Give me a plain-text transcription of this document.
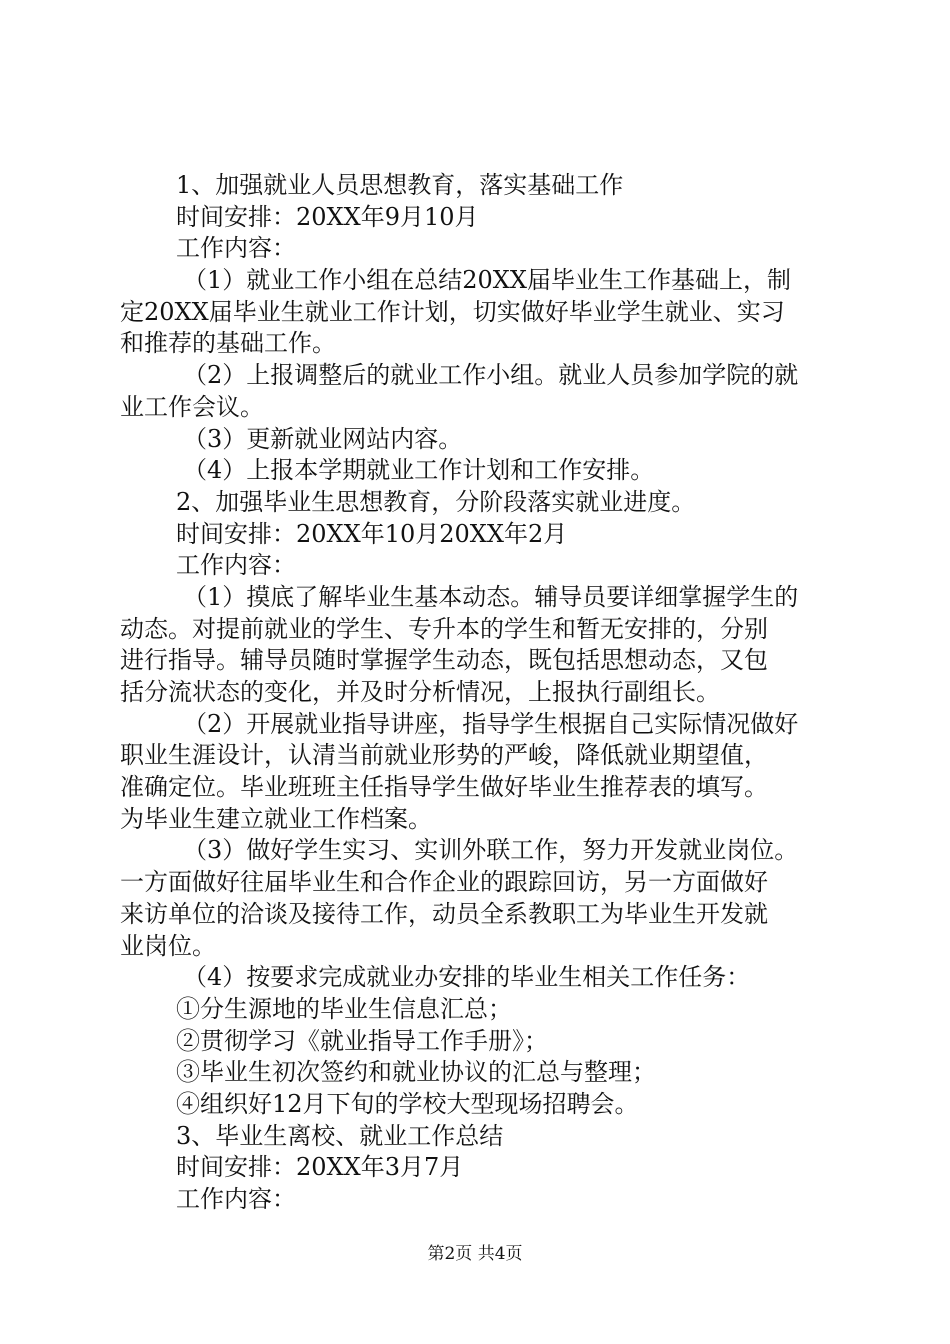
1、加强就业人员思想教育，落实基础工作
时间安排：20XX年9月10月
工作内容：
（1）就业工作小组在总结20XX届毕业生工作基础上，制
定20XX届毕业生就业工作计划，切实做好毕业学生就业、实习
和推荐的基础工作。
（2）上报调整后的就业工作小组。就业人员参加学院的就
业工作会议。
（3）更新就业网站内容。
（4）上报本学期就业工作计划和工作安排。
2、加强毕业生思想教育，分阶段落实就业进度。
时间安排：20XX年10月20XX年2月
工作内容：
（1）摸底了解毕业生基本动态。辅导员要详细掌握学生的
动态。对提前就业的学生、专升本的学生和暂无安排的，分别
进行指导。辅导员随时掌握学生动态，既包括思想动态，又包
括分流状态的变化，并及时分析情况，上报执行副组长。
（2）开展就业指导讲座，指导学生根据自己实际情况做好
职业生涯设计，认清当前就业形势的严峻，降低就业期望值，
准确定位。毕业班班主任指导学生做好毕业生推荐表的填写。
为毕业生建立就业工作档案。
（3）做好学生实习、实训外联工作，努力开发就业岗位。
一方面做好往届毕业生和合作企业的跟踪回访，另一方面做好
来访单位的洽谈及接待工作，动员全系教职工为毕业生开发就
业岗位。
（4）按要求完成就业办安排的毕业生相关工作任务：
①分生源地的毕业生信息汇总；
②贯彻学习《就业指导工作手册》；
③毕业生初次签约和就业协议的汇总与整理；
④组织好12月下旬的学校大型现场招聘会。
3、毕业生离校、就业工作总结
时间安排：20XX年3月7月
工作内容：
第2页 共4页
